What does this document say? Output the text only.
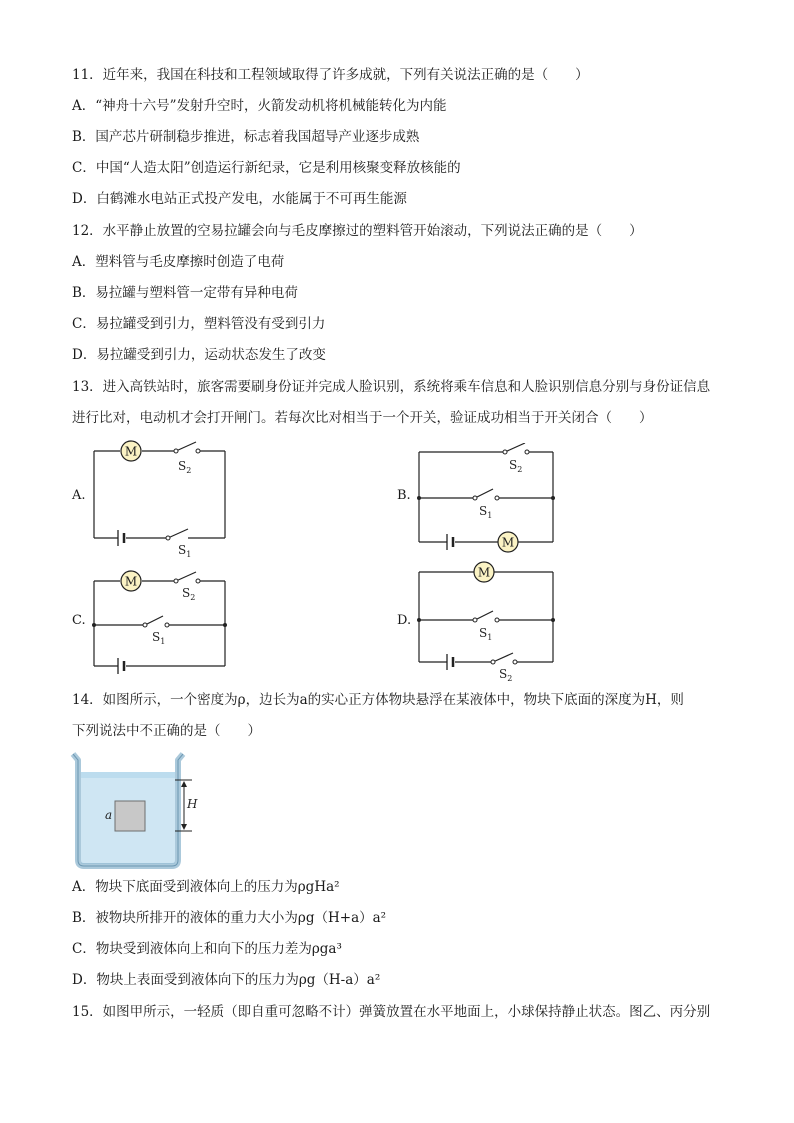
11．近年来，我国在科技和工程领域取得了许多成就，下列有关说法正确的是（　　）
A．“神舟十六号”发射升空时，火箭发动机将机械能转化为内能
B．国产芯片研制稳步推进，标志着我国超导产业逐步成熟
C．中国“人造太阳”创造运行新纪录，它是利用核聚变释放核能的
D．白鹤滩水电站正式投产发电，水能属于不可再生能源
12．水平静止放置的空易拉罐会向与毛皮摩擦过的塑料管开始滚动，下列说法正确的是（　　）
A．塑料管与毛皮摩擦时创造了电荷
B．易拉罐与塑料管一定带有异种电荷
C．易拉罐受到引力，塑料管没有受到引力
D．易拉罐受到引力，运动状态发生了改变
13．进入高铁站时，旅客需要刷身份证并完成人脸识别，系统将乘车信息和人脸识别信息分别与身份证信息
进行比对，电动机才会打开闸门。若每次比对相当于一个开关，验证成功相当于开关闭合（　　）
A.
M
$S_2$
$S_1$
B.
M
$S_2$
$S_1$
C.
M
$S_2$
$S_1$
D.
M
$S_1$
$S_2$
14．如图所示，一个密度为ρ，边长为a的实心正方体物块悬浮在某液体中，物块下底面的深度为H，则
下列说法中不正确的是（　　）
H
a
A．物块下底面受到液体向上的压力为ρgHa²
B．被物块所排开的液体的重力大小为ρg（H+a）a²
C．物块受到液体向上和向下的压力差为ρga³
D．物块上表面受到液体向下的压力为ρg（H-a）a²
15．如图甲所示，一轻质（即自重可忽略不计）弹簧放置在水平地面上，小球保持静止状态。图乙、丙分别
